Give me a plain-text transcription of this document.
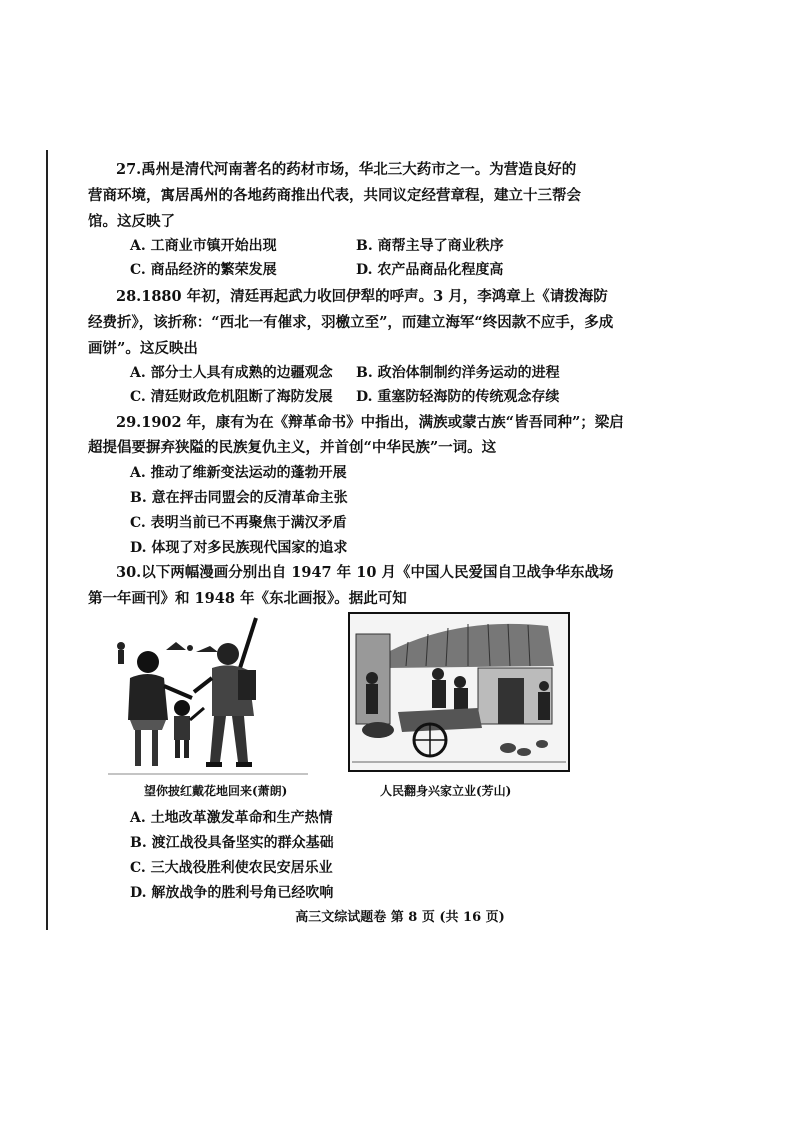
27.禹州是清代河南著名的药材市场，华北三大药市之一。为营造良好的
营商环境，寓居禹州的各地药商推出代表，共同议定经营章程，建立十三帮会
馆。这反映了
A. 工商业市镇开始出现	B. 商帮主导了商业秩序
C. 商品经济的繁荣发展	D. 农产品商品化程度高
28.1880 年初，清廷再起武力收回伊犁的呼声。3 月，李鸿章上《请拨海防
经费折》，该折称：“西北一有催求，羽檄立至”，而建立海军“终因款不应手，多成
画饼”。这反映出
A. 部分士人具有成熟的边疆观念 B. 政治体制制约洋务运动的进程
C. 清廷财政危机阻断了海防发展 D. 重塞防轻海防的传统观念存续
29.1902 年，康有为在《辩革命书》中指出，满族或蒙古族“皆吾同种”；梁启
超提倡要摒弃狭隘的民族复仇主义，并首创“中华民族”一词。这
A. 推动了维新变法运动的蓬勃开展
B. 意在抨击同盟会的反清革命主张
C. 表明当前已不再聚焦于满汉矛盾
D. 体现了对多民族现代国家的追求
30.以下两幅漫画分别出自 1947 年 10 月《中国人民爱国自卫战争华东战场
第一年画刊》和 1948 年《东北画报》。据此可知
望你披红戴花地回来(萧朗)	人民翻身兴家立业(芳山)
A. 土地改革激发革命和生产热情
B. 渡江战役具备坚实的群众基础
C. 三大战役胜利使农民安居乐业
D. 解放战争的胜利号角已经吹响
高三文综试题卷 第 8 页 (共 16 页)
